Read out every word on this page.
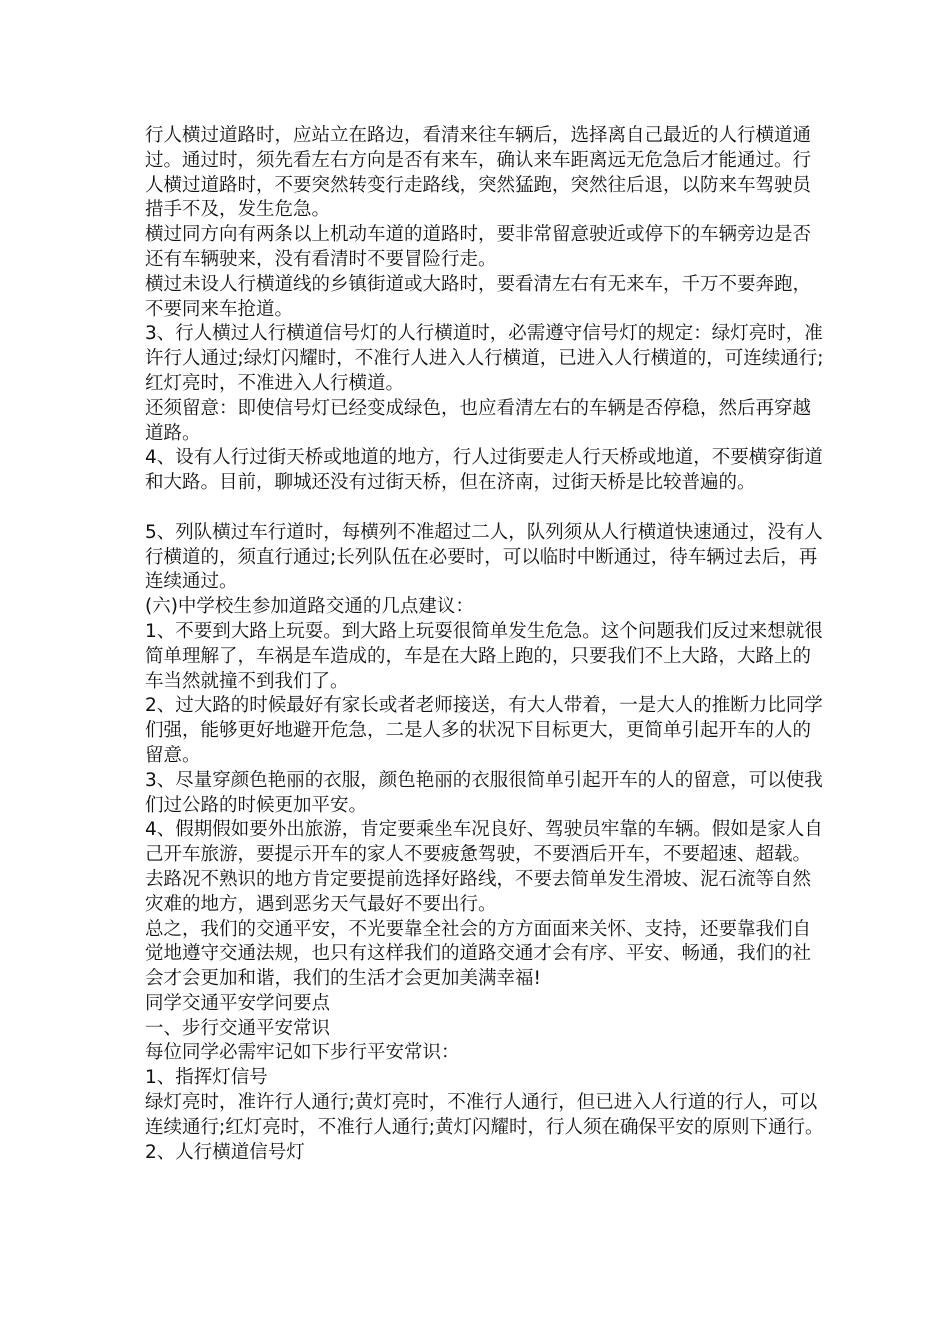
行人横过道路时，应站立在路边，看清来往车辆后，选择离自己最近的人行横道通过。通过时，须先看左右方向是否有来车，确认来车距离远无危急后才能通过。行人横过道路时，不要突然转变行走路线，突然猛跑，突然往后退，以防来车驾驶员措手不及，发生危急。

横过同方向有两条以上机动车道的道路时，要非常留意驶近或停下的车辆旁边是否还有车辆驶来，没有看清时不要冒险行走。

横过未设人行横道线的乡镇街道或大路时，要看清左右有无来车，千万不要奔跑，不要同来车抢道。

3、行人横过人行横道信号灯的人行横道时，必需遵守信号灯的规定：绿灯亮时，准许行人通过;绿灯闪耀时，不准行人进入人行横道，已进入人行横道的，可连续通行;红灯亮时，不准进入人行横道。

还须留意：即使信号灯已经变成绿色，也应看清左右的车辆是否停稳，然后再穿越道路。

4、设有人行过街天桥或地道的地方，行人过街要走人行天桥或地道，不要横穿街道和大路。目前，聊城还没有过街天桥，但在济南，过街天桥是比较普遍的。

5、列队横过车行道时，每横列不准超过二人，队列须从人行横道快速通过，没有人行横道的，须直行通过;长列队伍在必要时，可以临时中断通过，待车辆过去后，再连续通过。

(六)中学校生参加道路交通的几点建议：

1、不要到大路上玩耍。到大路上玩耍很简单发生危急。这个问题我们反过来想就很简单理解了，车祸是车造成的，车是在大路上跑的，只要我们不上大路，大路上的车当然就撞不到我们了。

2、过大路的时候最好有家长或者老师接送，有大人带着，一是大人的推断力比同学们强，能够更好地避开危急，二是人多的状况下目标更大，更简单引起开车的人的留意。

3、尽量穿颜色艳丽的衣服，颜色艳丽的衣服很简单引起开车的人的留意，可以使我们过公路的时候更加平安。

4、假期假如要外出旅游，肯定要乘坐车况良好、驾驶员牢靠的车辆。假如是家人自己开车旅游，要提示开车的家人不要疲惫驾驶，不要酒后开车，不要超速、超载。去路况不熟识的地方肯定要提前选择好路线，不要去简单发生滑坡、泥石流等自然灾难的地方，遇到恶劣天气最好不要出行。

总之，我们的交通平安，不光要靠全社会的方方面面来关怀、支持，还要靠我们自觉地遵守交通法规，也只有这样我们的道路交通才会有序、平安、畅通，我们的社会才会更加和谐，我们的生活才会更加美满幸福!

同学交通平安学问要点

一、步行交通平安常识

每位同学必需牢记如下步行平安常识：

1、指挥灯信号

绿灯亮时，准许行人通行;黄灯亮时，不准行人通行，但已进入人行道的行人，可以连续通行;红灯亮时，不准行人通行;黄灯闪耀时，行人须在确保平安的原则下通行。

2、人行横道信号灯
